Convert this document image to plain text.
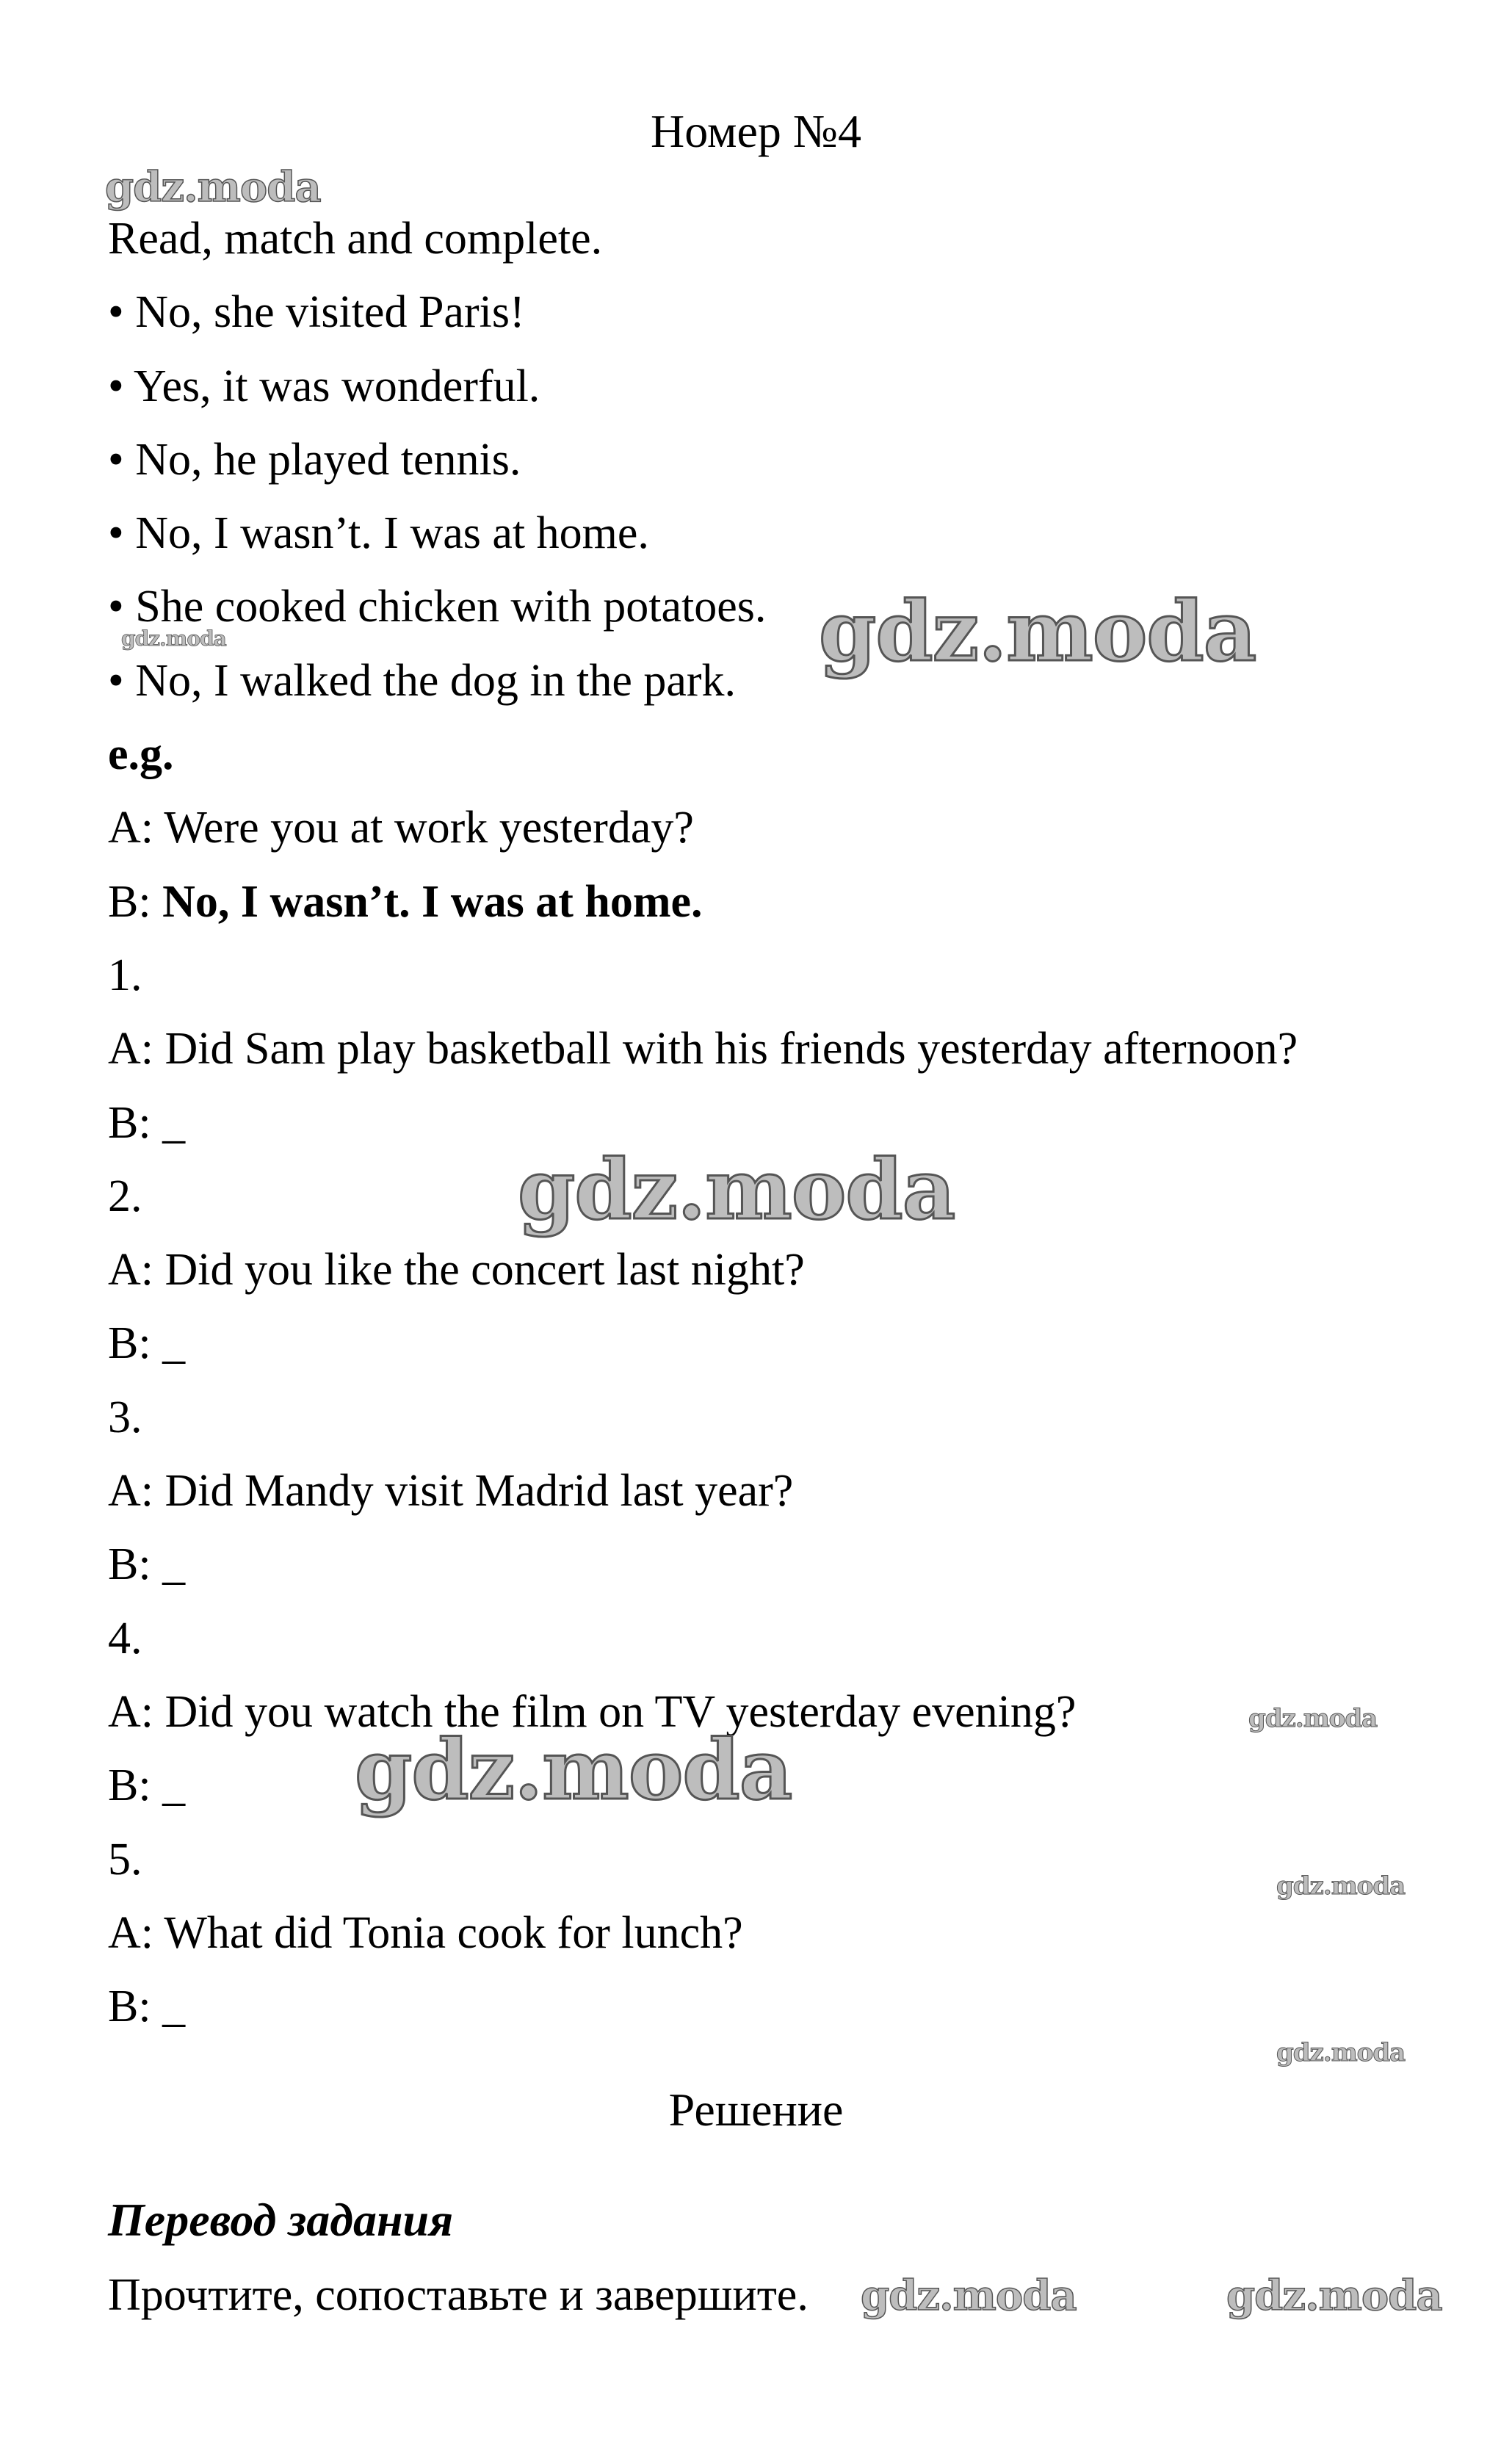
Номер №4
Read, match and complete.
• No, she visited Paris!
• Yes, it was wonderful.
• No, he played tennis.
• No, I wasn’t. I was at home.
• She cooked chicken with potatoes.
• No, I walked the dog in the park.
e.g.
A: Were you at work yesterday?
B: No, I wasn’t. I was at home.
1.
A: Did Sam play basketball with his friends yesterday afternoon?
B: _
2.
A: Did you like the concert last night?
B: _
3.
A: Did Mandy visit Madrid last year?
B: _
4.
A: Did you watch the film on TV yesterday evening?
B: _
5.
A: What did Tonia cook for lunch?
B: _
Решение
Перевод задания
Прочтите, сопоставьте и завершите.
gdz.moda
gdz.moda
gdz.moda
gdz.moda
gdz.moda
gdz.moda
gdz.moda
gdz.moda
gdz.moda	gdz.moda
